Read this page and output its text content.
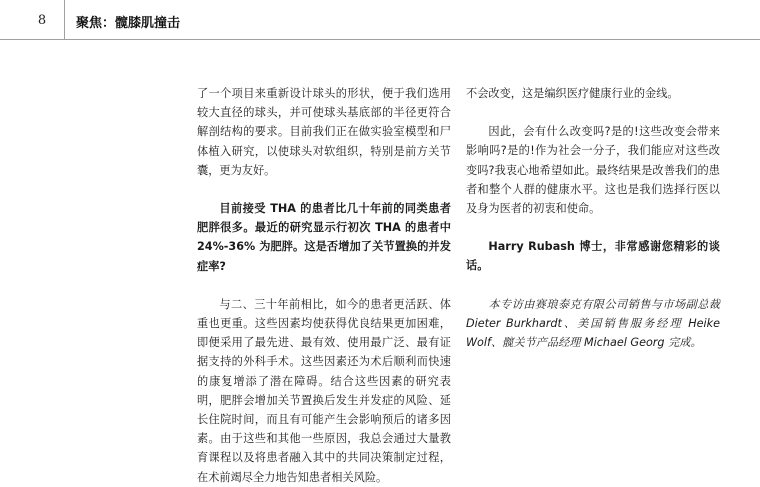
8	聚焦：髋膝肌撞击

了一个项目来重新设计球头的形状，便于我们选用较大直径的球头，并可使球头基底部的半径更符合解剖结构的要求。目前我们正在做实验室模型和尸体植入研究，以使球头对软组织，特别是前方关节囊，更为友好。

目前接受 THA 的患者比几十年前的同类患者肥胖很多。最近的研究显示行初次 THA 的患者中 24%-36% 为肥胖。这是否增加了关节置换的并发症率?

与二、三十年前相比，如今的患者更活跃、体重也更重。这些因素均使获得优良结果更加困难，即便采用了最先进、最有效、使用最广泛、最有证据支持的外科手术。这些因素还为术后顺利而快速的康复增添了潜在障碍。结合这些因素的研究表明，肥胖会增加关节置换后发生并发症的风险、延长住院时间，而且有可能产生会影响预后的诸多因素。由于这些和其他一些原因，我总会通过大量教育课程以及将患者融入其中的共同决策制定过程，在术前竭尽全力地告知患者相关风险。

不会改变，这是编织医疗健康行业的金线。

因此，会有什么改变吗?是的!这些改变会带来影响吗?是的!作为社会一分子，我们能应对这些改变吗?我衷心地希望如此。最终结果是改善我们的患者和整个人群的健康水平。这也是我们选择行医以及身为医者的初衷和使命。

Harry Rubash 博士，非常感谢您精彩的谈话。

本专访由赛琅泰克有限公司销售与市场副总裁 Dieter Burkhardt、美国销售服务经理 Heike Wolf、髋关节产品经理 Michael Georg 完成。
